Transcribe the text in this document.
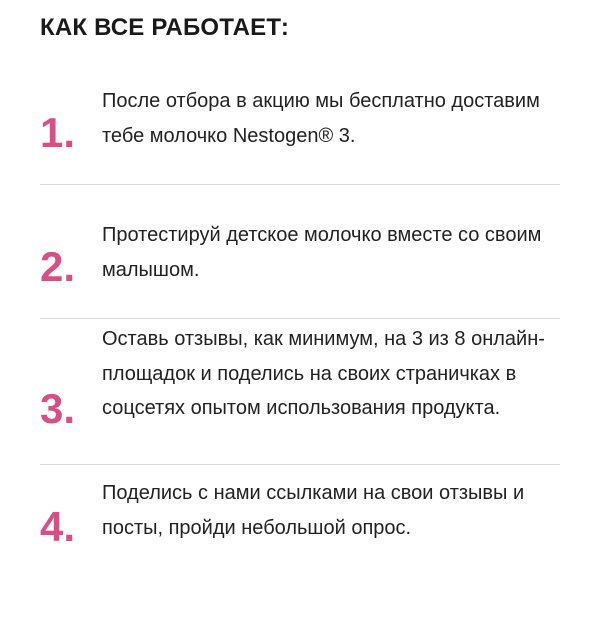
КАК ВСЕ РАБОТАЕТ:
1.
После отбора в акцию мы бесплатно доставим тебе молочко Nestogen® 3.
2.
Протестируй детское молочко вместе со своим малышом.
3.
Оставь отзывы, как минимум, на 3 из 8 онлайн-площадок и поделись на своих страничках в соцсетях опытом использования продукта.
4.
Поделись с нами ссылками на свои отзывы и посты, пройди небольшой опрос.
